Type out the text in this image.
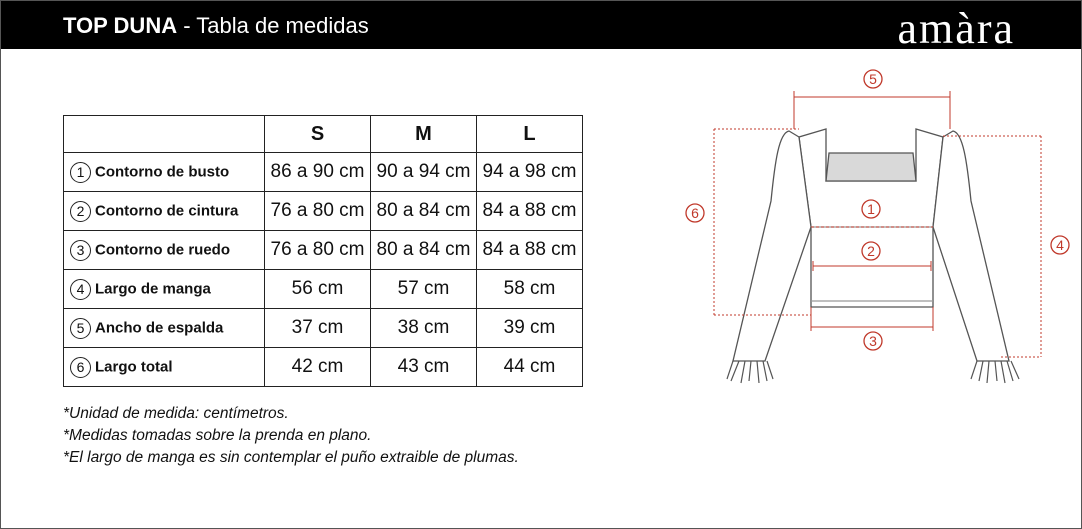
TOP DUNA - Tabla de medidas	amàra
	S	M	L
1 Contorno de busto	86 a 90 cm	90 a 94 cm	94 a 98 cm
2 Contorno de cintura	76 a 80 cm	80 a 84 cm	84 a 88 cm
3 Contorno de ruedo	76 a 80 cm	80 a 84 cm	84 a 88 cm
4 Largo de manga	56 cm	57 cm	58 cm
5 Ancho de espalda	37 cm	38 cm	39 cm
6 Largo total	42 cm	43 cm	44 cm
*Unidad de medida: centímetros.
*Medidas tomadas sobre la prenda en plano.
*El largo de manga es sin contemplar el puño extraible de plumas.
5
1
2
3
6
4
